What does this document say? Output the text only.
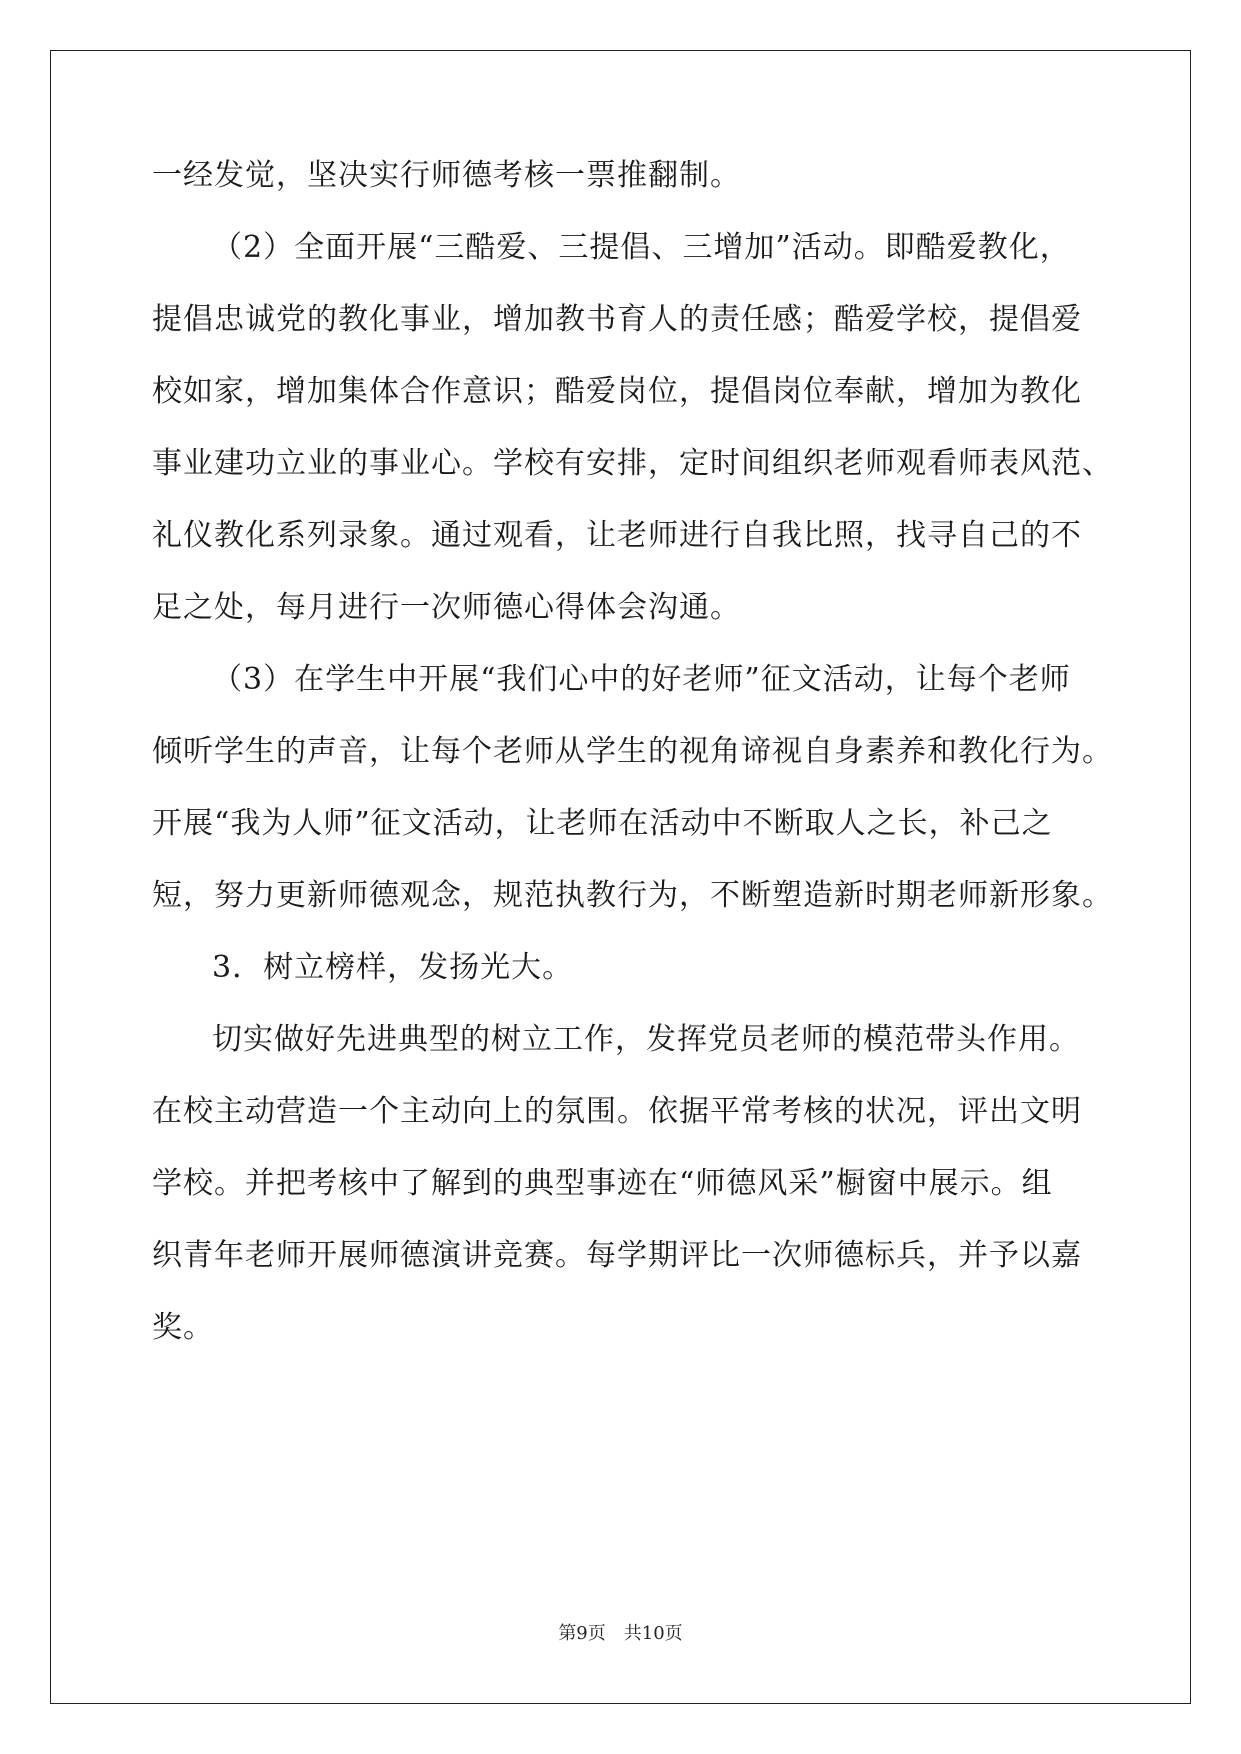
一经发觉，坚决实行师德考核一票推翻制。
（2）全面开展“三酷爱、三提倡、三增加”活动。即酷爱教化，
提倡忠诚党的教化事业，增加教书育人的责任感；酷爱学校，提倡爱
校如家，增加集体合作意识；酷爱岗位，提倡岗位奉献，增加为教化
事业建功立业的事业心。学校有安排，定时间组织老师观看师表风范、
礼仪教化系列录象。通过观看，让老师进行自我比照，找寻自己的不
足之处，每月进行一次师德心得体会沟通。
（3）在学生中开展“我们心中的好老师”征文活动，让每个老师
倾听学生的声音，让每个老师从学生的视角谛视自身素养和教化行为。
开展“我为人师”征文活动，让老师在活动中不断取人之长，补己之
短，努力更新师德观念，规范执教行为，不断塑造新时期老师新形象。
3．树立榜样，发扬光大。
切实做好先进典型的树立工作，发挥党员老师的模范带头作用。
在校主动营造一个主动向上的氛围。依据平常考核的状况，评出文明
学校。并把考核中了解到的典型事迹在“师德风采”橱窗中展示。组
织青年老师开展师德演讲竞赛。每学期评比一次师德标兵，并予以嘉
奖。
第9页 共10页
